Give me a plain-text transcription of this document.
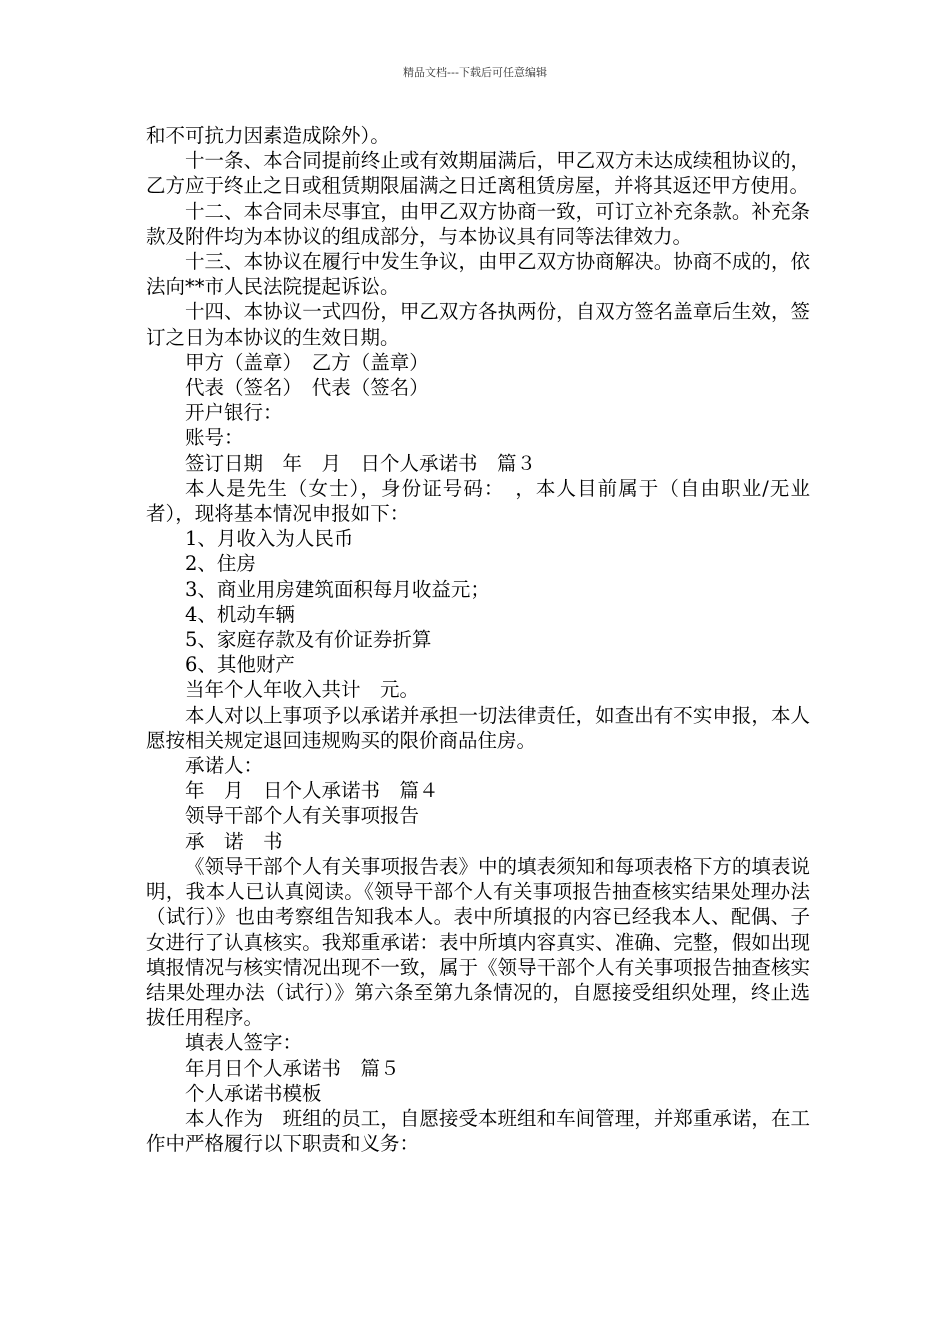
精品文档---下载后可任意编辑

和不可抗力因素造成除外）。

十一条、本合同提前终止或有效期届满后，甲乙双方未达成续租协议的，乙方应于终止之日或租赁期限届满之日迁离租赁房屋，并将其返还甲方使用。

十二、本合同未尽事宜，由甲乙双方协商一致，可订立补充条款。补充条款及附件均为本协议的组成部分，与本协议具有同等法律效力。

十三、本协议在履行中发生争议，由甲乙双方协商解决。协商不成的，依法向**市人民法院提起诉讼。

十四、本协议一式四份，甲乙双方各执两份，自双方签名盖章后生效，签订之日为本协议的生效日期。

甲方（盖章）　乙方（盖章）

代表（签名）　代表（签名）

开户银行：

账号：

签订日期　年　月　日个人承诺书　篇３

本人是先生（女士），身份证号码：　，本人目前属于（自由职业/无业者），现将基本情况申报如下：

1、月收入为人民币

2、住房

3、商业用房建筑面积每月收益元；

4、机动车辆

5、家庭存款及有价证券折算

6、其他财产

当年个人年收入共计　元。

本人对以上事项予以承诺并承担一切法律责任，如查出有不实申报，本人愿按相关规定退回违规购买的限价商品住房。

承诺人：

年　月　日个人承诺书　篇４

领导干部个人有关事项报告

承　诺　书

《领导干部个人有关事项报告表》中的填表须知和每项表格下方的填表说明，我本人已认真阅读。《领导干部个人有关事项报告抽查核实结果处理办法（试行）》也由考察组告知我本人。表中所填报的内容已经我本人、配偶、子女进行了认真核实。我郑重承诺：表中所填内容真实、准确、完整，假如出现填报情况与核实情况出现不一致，属于《领导干部个人有关事项报告抽查核实结果处理办法（试行）》第六条至第九条情况的，自愿接受组织处理，终止选拔任用程序。

填表人签字：

年月日个人承诺书　篇５

个人承诺书模板

本人作为　班组的员工，自愿接受本班组和车间管理，并郑重承诺，在工作中严格履行以下职责和义务：
